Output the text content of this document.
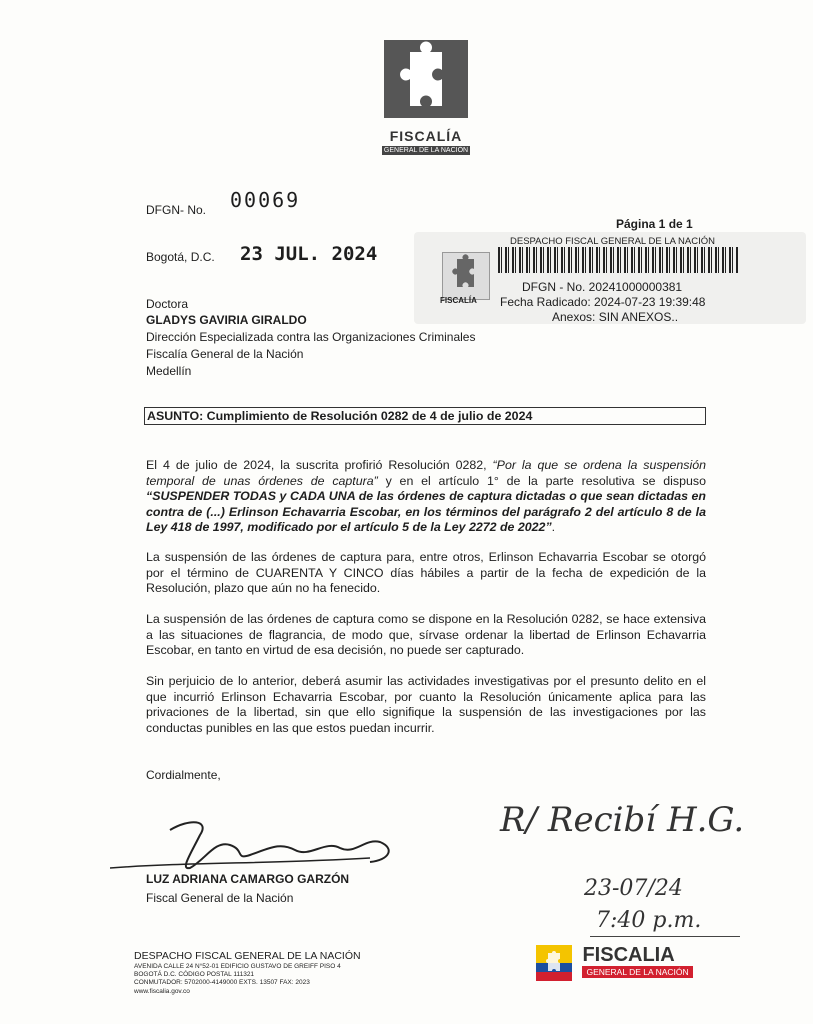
FISCALÍA
GENERAL DE LA NACIÓN
DFGN- No. 00069
Bogotá, D.C. 23 JUL. 2024
Página 1 de 1
DESPACHO FISCAL GENERAL DE LA NACIÓN
FISCALÍA
DFGN - No. 20241000000381
Fecha Radicado: 2024-07-23 19:39:48
Anexos: SIN ANEXOS..
Doctora
GLADYS GAVIRIA GIRALDO
Dirección Especializada contra las Organizaciones Criminales
Fiscalía General de la Nación
Medellín
ASUNTO: Cumplimiento de Resolución 0282 de 4 de julio de 2024
El 4 de julio de 2024, la suscrita profirió Resolución 0282, “Por la que se ordena la suspensión temporal de unas órdenes de captura” y en el artículo 1° de la parte resolutiva se dispuso “SUSPENDER TODAS y CADA UNA de las órdenes de captura dictadas o que sean dictadas en contra de (...) Erlinson Echavarria Escobar, en los términos del parágrafo 2 del artículo 8 de la Ley 418 de 1997, modificado por el artículo 5 de la Ley 2272 de 2022”.
La suspensión de las órdenes de captura para, entre otros, Erlinson Echavarria Escobar se otorgó por el término de CUARENTA Y CINCO días hábiles a partir de la fecha de expedición de la Resolución, plazo que aún no ha fenecido.
La suspensión de las órdenes de captura como se dispone en la Resolución 0282, se hace extensiva a las situaciones de flagrancia, de modo que, sírvase ordenar la libertad de Erlinson Echavarria Escobar, en tanto en virtud de esa decisión, no puede ser capturado.
Sin perjuicio de lo anterior, deberá asumir las actividades investigativas por el presunto delito en el que incurrió Erlinson Echavarria Escobar, por cuanto la Resolución únicamente aplica para las privaciones de la libertad, sin que ello signifique la suspensión de las investigaciones por las conductas punibles en las que estos puedan incurrir.
Cordialmente,
LUZ ADRIANA CAMARGO GARZÓN
Fiscal General de la Nación
R/ Recibí H.G.
23-07/24
7:40 p.m.
DESPACHO FISCAL GENERAL DE LA NACIÓN
AVENIDA CALLE 24 N°52-01 EDIFICIO GUSTAVO DE GREIFF PISO 4
BOGOTÁ D.C. CÓDIGO POSTAL 111321
CONMUTADOR: 5702000-4149000 EXTS. 13507 FAX: 2023
www.fiscalia.gov.co

FISCALIA
GENERAL DE LA NACIÓN
